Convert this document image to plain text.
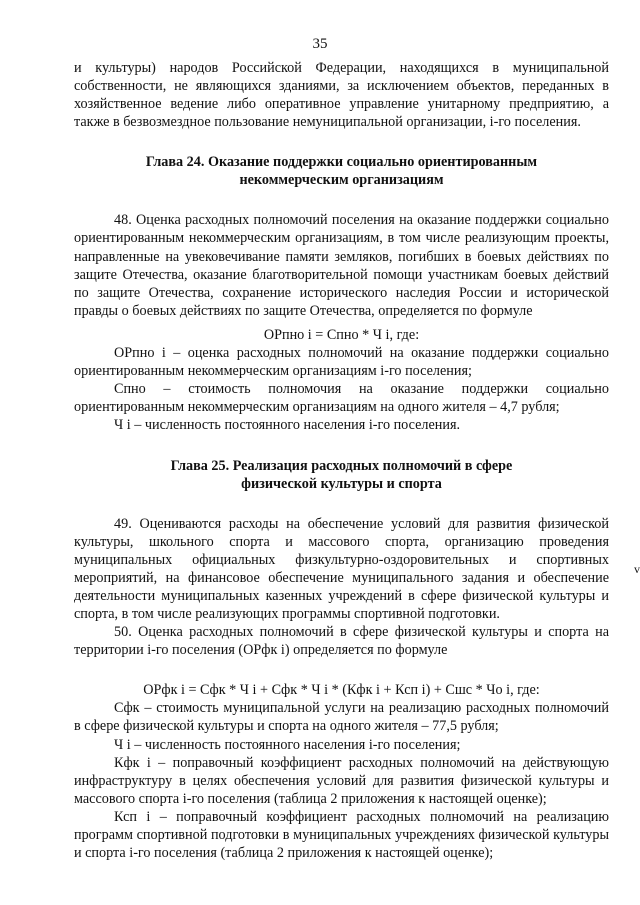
35

и культуры) народов Российской Федерации, находящихся в муниципальной собственности, не являющихся зданиями, за исключением объектов, переданных в хозяйственное ведение либо оперативное управление унитарному предприятию, а также в безвозмездное пользование немуниципальной организации, i-го поселения.

Глава 24. Оказание поддержки социально ориентированным
некоммерческим организациям

48. Оценка расходных полномочий поселения на оказание поддержки социально ориентированным некоммерческим организациям, в том числе реализующим проекты, направленные на увековечивание памяти земляков, погибших в боевых действиях по защите Отечества, оказание благотворительной помощи участникам боевых действий по защите Отечества, сохранение исторического наследия России и исторической правды о боевых действиях по защите Отечества, определяется по формуле

ОРпно i = Спно * Ч i, где:

ОРпно i – оценка расходных полномочий на оказание поддержки социально ориентированным некоммерческим организациям i-го поселения;

Спно – стоимость полномочия на оказание поддержки социально ориентированным некоммерческим организациям на одного жителя – 4,7 рубля;

Ч i – численность постоянного населения i-го поселения.

Глава 25. Реализация расходных полномочий в сфере
физической культуры и спорта

49. Оцениваются расходы на обеспечение условий для развития физической культуры, школьного спорта и массового спорта, организацию проведения муниципальных официальных физкультурно-оздоровительных и спортивных мероприятий, на финансовое обеспечение муниципального задания и обеспечение деятельности муниципальных казенных учреждений в сфере физической культуры и спорта, в том числе реализующих программы спортивной подготовки.

50. Оценка расходных полномочий в сфере физической культуры и спорта на территории i-го поселения (ОРфк i) определяется по формуле

ОРфк i = Сфк * Ч i + Сфк * Ч i * (Кфк i + Ксп i) + Сшс * Чо i, где:

Сфк – стоимость муниципальной услуги на реализацию расходных полномочий в сфере физической культуры и спорта на одного жителя – 77,5 рубля;

Ч i – численность постоянного населения i-го поселения;

Кфк i – поправочный коэффициент расходных полномочий на действующую инфраструктуру в целях обеспечения условий для развития физической культуры и массового спорта i-го поселения (таблица 2 приложения к настоящей оценке);

Ксп i – поправочный коэффициент расходных полномочий на реализацию программ спортивной подготовки в муниципальных учреждениях физической культуры и спорта i-го поселения (таблица 2 приложения к настоящей оценке);

v
